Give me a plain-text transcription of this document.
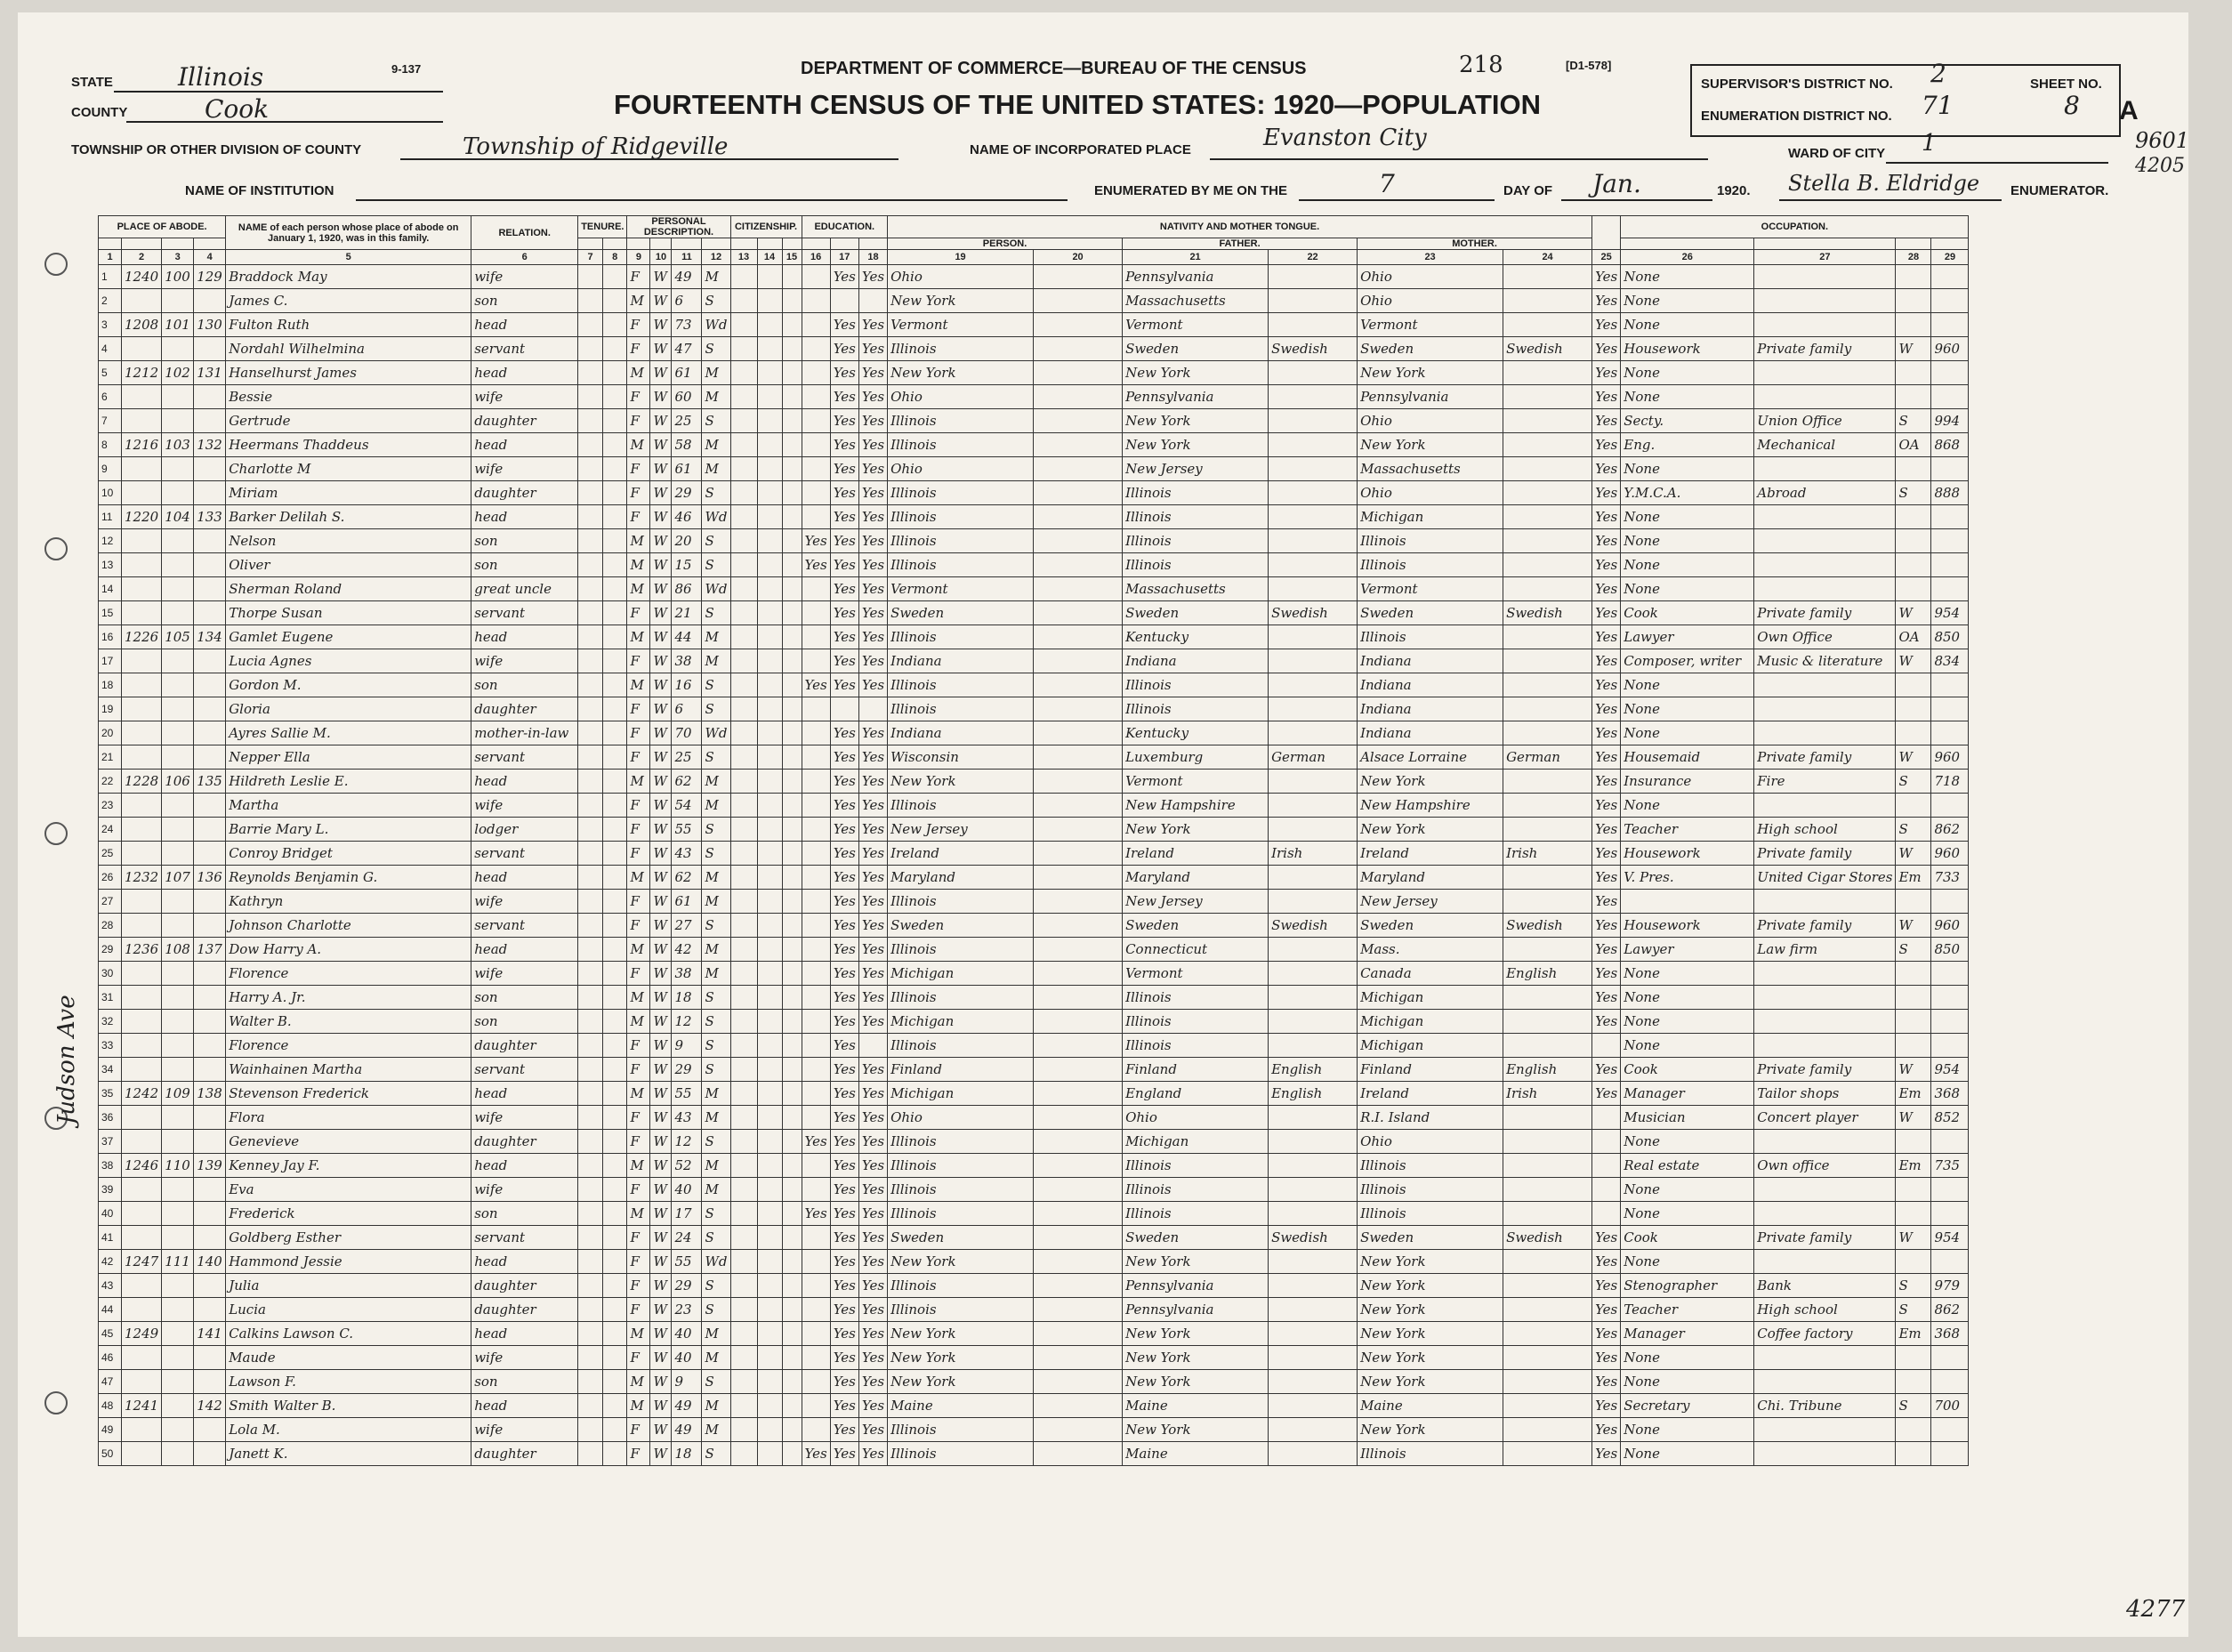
9-137	DEPARTMENT OF COMMERCE—BUREAU OF THE CENSUS	218	[D1-578]
FOURTEENTH CENSUS OF THE UNITED STATES: 1920—POPULATION
STATE	Illinois
COUNTY	Cook
TOWNSHIP OR OTHER DIVISION OF COUNTY	Township of Ridgeville	NAME OF INCORPORATED PLACE	Evanston City
NAME OF INSTITUTION	ENUMERATED BY ME ON THE	7	DAY OF Jan.	1920. Stella B. Eldridge ENUMERATOR.
SUPERVISOR'S DISTRICT NO. 2
ENUMERATION DISTRICT NO. 71
SHEET NO.
8 A
WARD OF CITY 1	9601
4205
Judson Ave
PLACE OF ABODE.				NAME of each person whose place of abode on January 1, 1920, was in this family.	RELATION.	TENURE.		PERSONAL DESCRIPTION.				CITIZENSHIP.			EDUCATION.			NATIVITY AND MOTHER TONGUE.							OCCUPATION.			
																		PERSON.		FATHER.		MOTHER.						
1	2	3	4	5	6	7	8	9	10	11	12	13	14	15	16	17	18	19	20	21	22	23	24	25	26	27	28	29
1	1240	100	129	Braddock May	wife			F	W	49	M					Yes	Yes	Ohio		Pennsylvania		Ohio		Yes	None			
2				James C.	son			M	W	6	S							New York		Massachusetts		Ohio		Yes	None			
3	1208	101	130	Fulton Ruth	head			F	W	73	Wd					Yes	Yes	Vermont		Vermont		Vermont		Yes	None			
4				Nordahl Wilhelmina	servant			F	W	47	S					Yes	Yes	Illinois		Sweden	Swedish	Sweden	Swedish	Yes	Housework	Private family	W	960
5	1212	102	131	Hanselhurst James	head			M	W	61	M					Yes	Yes	New York		New York		New York		Yes	None			
6				Bessie	wife			F	W	60	M					Yes	Yes	Ohio		Pennsylvania		Pennsylvania		Yes	None			
7				Gertrude	daughter			F	W	25	S					Yes	Yes	Illinois		New York		Ohio		Yes	Secty.	Union Office	S	994
8	1216	103	132	Heermans Thaddeus	head			M	W	58	M					Yes	Yes	Illinois		New York		New York		Yes	Eng.	Mechanical	OA	868
9				Charlotte M	wife			F	W	61	M					Yes	Yes	Ohio		New Jersey		Massachusetts		Yes	None			
10				Miriam	daughter			F	W	29	S					Yes	Yes	Illinois		Illinois		Ohio		Yes	Y.M.C.A.	Abroad	S	888
11	1220	104	133	Barker Delilah S.	head			F	W	46	Wd					Yes	Yes	Illinois		Illinois		Michigan		Yes	None			
12				Nelson	son			M	W	20	S				Yes	Yes	Yes	Illinois		Illinois		Illinois		Yes	None			
13				Oliver	son			M	W	15	S				Yes	Yes	Yes	Illinois		Illinois		Illinois		Yes	None			
14				Sherman Roland	great uncle			M	W	86	Wd					Yes	Yes	Vermont		Massachusetts		Vermont		Yes	None			
15				Thorpe Susan	servant			F	W	21	S					Yes	Yes	Sweden		Sweden	Swedish	Sweden	Swedish	Yes	Cook	Private family	W	954
16	1226	105	134	Gamlet Eugene	head			M	W	44	M					Yes	Yes	Illinois		Kentucky		Illinois		Yes	Lawyer	Own Office	OA	850
17				Lucia Agnes	wife			F	W	38	M					Yes	Yes	Indiana		Indiana		Indiana		Yes	Composer, writer	Music & literature	W	834
18				Gordon M.	son			M	W	16	S				Yes	Yes	Yes	Illinois		Illinois		Indiana		Yes	None			
19				Gloria	daughter			F	W	6	S							Illinois		Illinois		Indiana		Yes	None			
20				Ayres Sallie M.	mother-in-law			F	W	70	Wd					Yes	Yes	Indiana		Kentucky		Indiana		Yes	None			
21				Nepper Ella	servant			F	W	25	S					Yes	Yes	Wisconsin		Luxemburg	German	Alsace Lorraine	German	Yes	Housemaid	Private family	W	960
22	1228	106	135	Hildreth Leslie E.	head			M	W	62	M					Yes	Yes	New York		Vermont		New York		Yes	Insurance	Fire	S	718
23				Martha	wife			F	W	54	M					Yes	Yes	Illinois		New Hampshire		New Hampshire		Yes	None			
24				Barrie Mary L.	lodger			F	W	55	S					Yes	Yes	New Jersey		New York		New York		Yes	Teacher	High school	S	862
25				Conroy Bridget	servant			F	W	43	S					Yes	Yes	Ireland		Ireland	Irish	Ireland	Irish	Yes	Housework	Private family	W	960
26	1232	107	136	Reynolds Benjamin G.	head			M	W	62	M					Yes	Yes	Maryland		Maryland		Maryland		Yes	V. Pres.	United Cigar Stores	Em	733
27				Kathryn	wife			F	W	61	M					Yes	Yes	Illinois		New Jersey		New Jersey		Yes				
28				Johnson Charlotte	servant			F	W	27	S					Yes	Yes	Sweden		Sweden	Swedish	Sweden	Swedish	Yes	Housework	Private family	W	960
29	1236	108	137	Dow Harry A.	head			M	W	42	M					Yes	Yes	Illinois		Connecticut		Mass.		Yes	Lawyer	Law firm	S	850
30				Florence	wife			F	W	38	M					Yes	Yes	Michigan		Vermont		Canada	English	Yes	None			
31				Harry A. Jr.	son			M	W	18	S					Yes	Yes	Illinois		Illinois		Michigan		Yes	None			
32				Walter B.	son			M	W	12	S					Yes	Yes	Michigan		Illinois		Michigan		Yes	None			
33				Florence	daughter			F	W	9	S					Yes		Illinois		Illinois		Michigan			None			
34				Wainhainen Martha	servant			F	W	29	S					Yes	Yes	Finland		Finland	English	Finland	English	Yes	Cook	Private family	W	954
35	1242	109	138	Stevenson Frederick	head			M	W	55	M					Yes	Yes	Michigan		England	English	Ireland	Irish	Yes	Manager	Tailor shops	Em	368
36				Flora	wife			F	W	43	M					Yes	Yes	Ohio		Ohio		R.I. Island			Musician	Concert player	W	852
37				Genevieve	daughter			F	W	12	S				Yes	Yes	Yes	Illinois		Michigan		Ohio			None			
38	1246	110	139	Kenney Jay F.	head			M	W	52	M					Yes	Yes	Illinois		Illinois		Illinois			Real estate	Own office	Em	735
39				Eva	wife			F	W	40	M					Yes	Yes	Illinois		Illinois		Illinois			None			
40				Frederick	son			M	W	17	S				Yes	Yes	Yes	Illinois		Illinois		Illinois			None			
41				Goldberg Esther	servant			F	W	24	S					Yes	Yes	Sweden		Sweden	Swedish	Sweden	Swedish	Yes	Cook	Private family	W	954
42	1247	111	140	Hammond Jessie	head			F	W	55	Wd					Yes	Yes	New York		New York		New York		Yes	None			
43				Julia	daughter			F	W	29	S					Yes	Yes	Illinois		Pennsylvania		New York		Yes	Stenographer	Bank	S	979
44				Lucia	daughter			F	W	23	S					Yes	Yes	Illinois		Pennsylvania		New York		Yes	Teacher	High school	S	862
45	1249		141	Calkins Lawson C.	head			M	W	40	M					Yes	Yes	New York		New York		New York		Yes	Manager	Coffee factory	Em	368
46				Maude	wife			F	W	40	M					Yes	Yes	New York		New York		New York		Yes	None			
47				Lawson F.	son			M	W	9	S					Yes	Yes	New York		New York		New York		Yes	None			
48	1241		142	Smith Walter B.	head			M	W	49	M					Yes	Yes	Maine		Maine		Maine		Yes	Secretary	Chi. Tribune	S	700
49				Lola M.	wife			F	W	49	M					Yes	Yes	Illinois		New York		New York		Yes	None			
50				Janett K.	daughter			F	W	18	S				Yes	Yes	Yes	Illinois		Maine		Illinois		Yes	None			
4277
